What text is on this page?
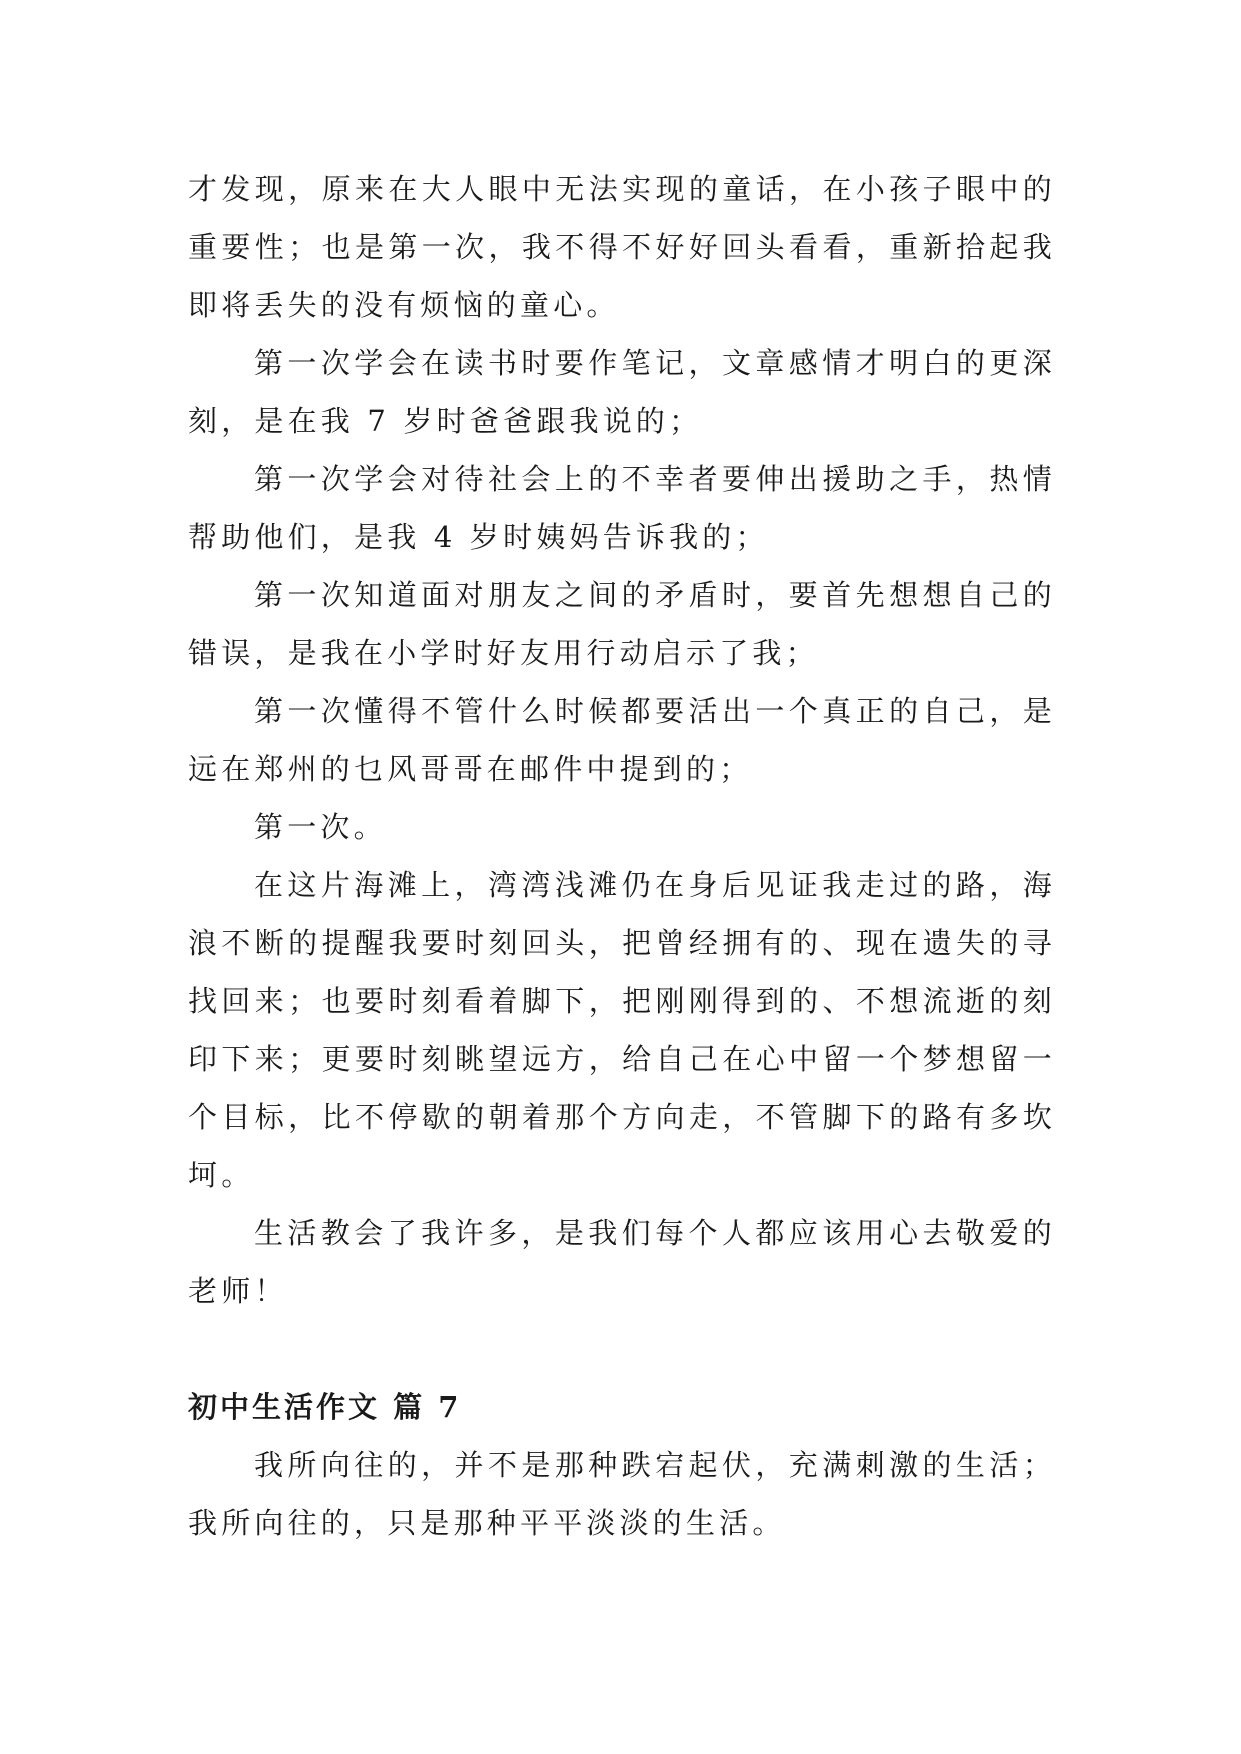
才发现，原来在大人眼中无法实现的童话，在小孩子眼中的重要性；也是第一次，我不得不好好回头看看，重新拾起我即将丢失的没有烦恼的童心。

第一次学会在读书时要作笔记，文章感情才明白的更深刻，是在我 7 岁时爸爸跟我说的；

第一次学会对待社会上的不幸者要伸出援助之手，热情帮助他们，是我 4 岁时姨妈告诉我的；

第一次知道面对朋友之间的矛盾时，要首先想想自己的错误，是我在小学时好友用行动启示了我；

第一次懂得不管什么时候都要活出一个真正的自己，是远在郑州的乜风哥哥在邮件中提到的；

第一次。

在这片海滩上，湾湾浅滩仍在身后见证我走过的路，海浪不断的提醒我要时刻回头，把曾经拥有的、现在遗失的寻找回来；也要时刻看着脚下，把刚刚得到的、不想流逝的刻印下来；更要时刻眺望远方，给自己在心中留一个梦想留一个目标，比不停歇的朝着那个方向走，不管脚下的路有多坎坷。

生活教会了我许多，是我们每个人都应该用心去敬爱的老师！

初中生活作文 篇 7

我所向往的，并不是那种跌宕起伏，充满刺激的生活；我所向往的，只是那种平平淡淡的生活。
